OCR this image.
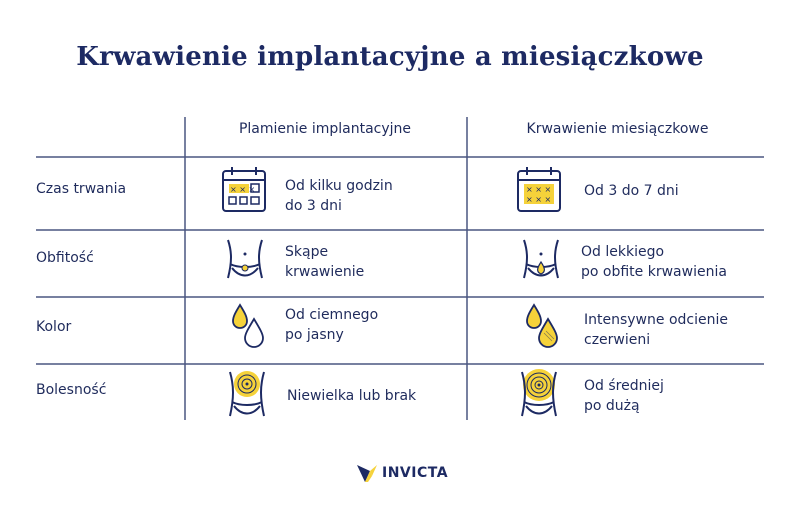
Krwawienie implantacyjne a miesiączkowe
Plamienie implantacyjne	Krwawienie miesiączkowe
Czas trwania
Obfitość
Kolor
Bolesność
× × × Od kilku godzin
do 3 dni
× × ×
× × ×
Od 3 do 7 dni
Skąpe
krwawienie
Od lekkiego
po obfite krwawienia
Od ciemnego
po jasny
Intensywne odcienie
czerwieni
Niewielka lub brak
Od średniej
po dużą
INVICTA
